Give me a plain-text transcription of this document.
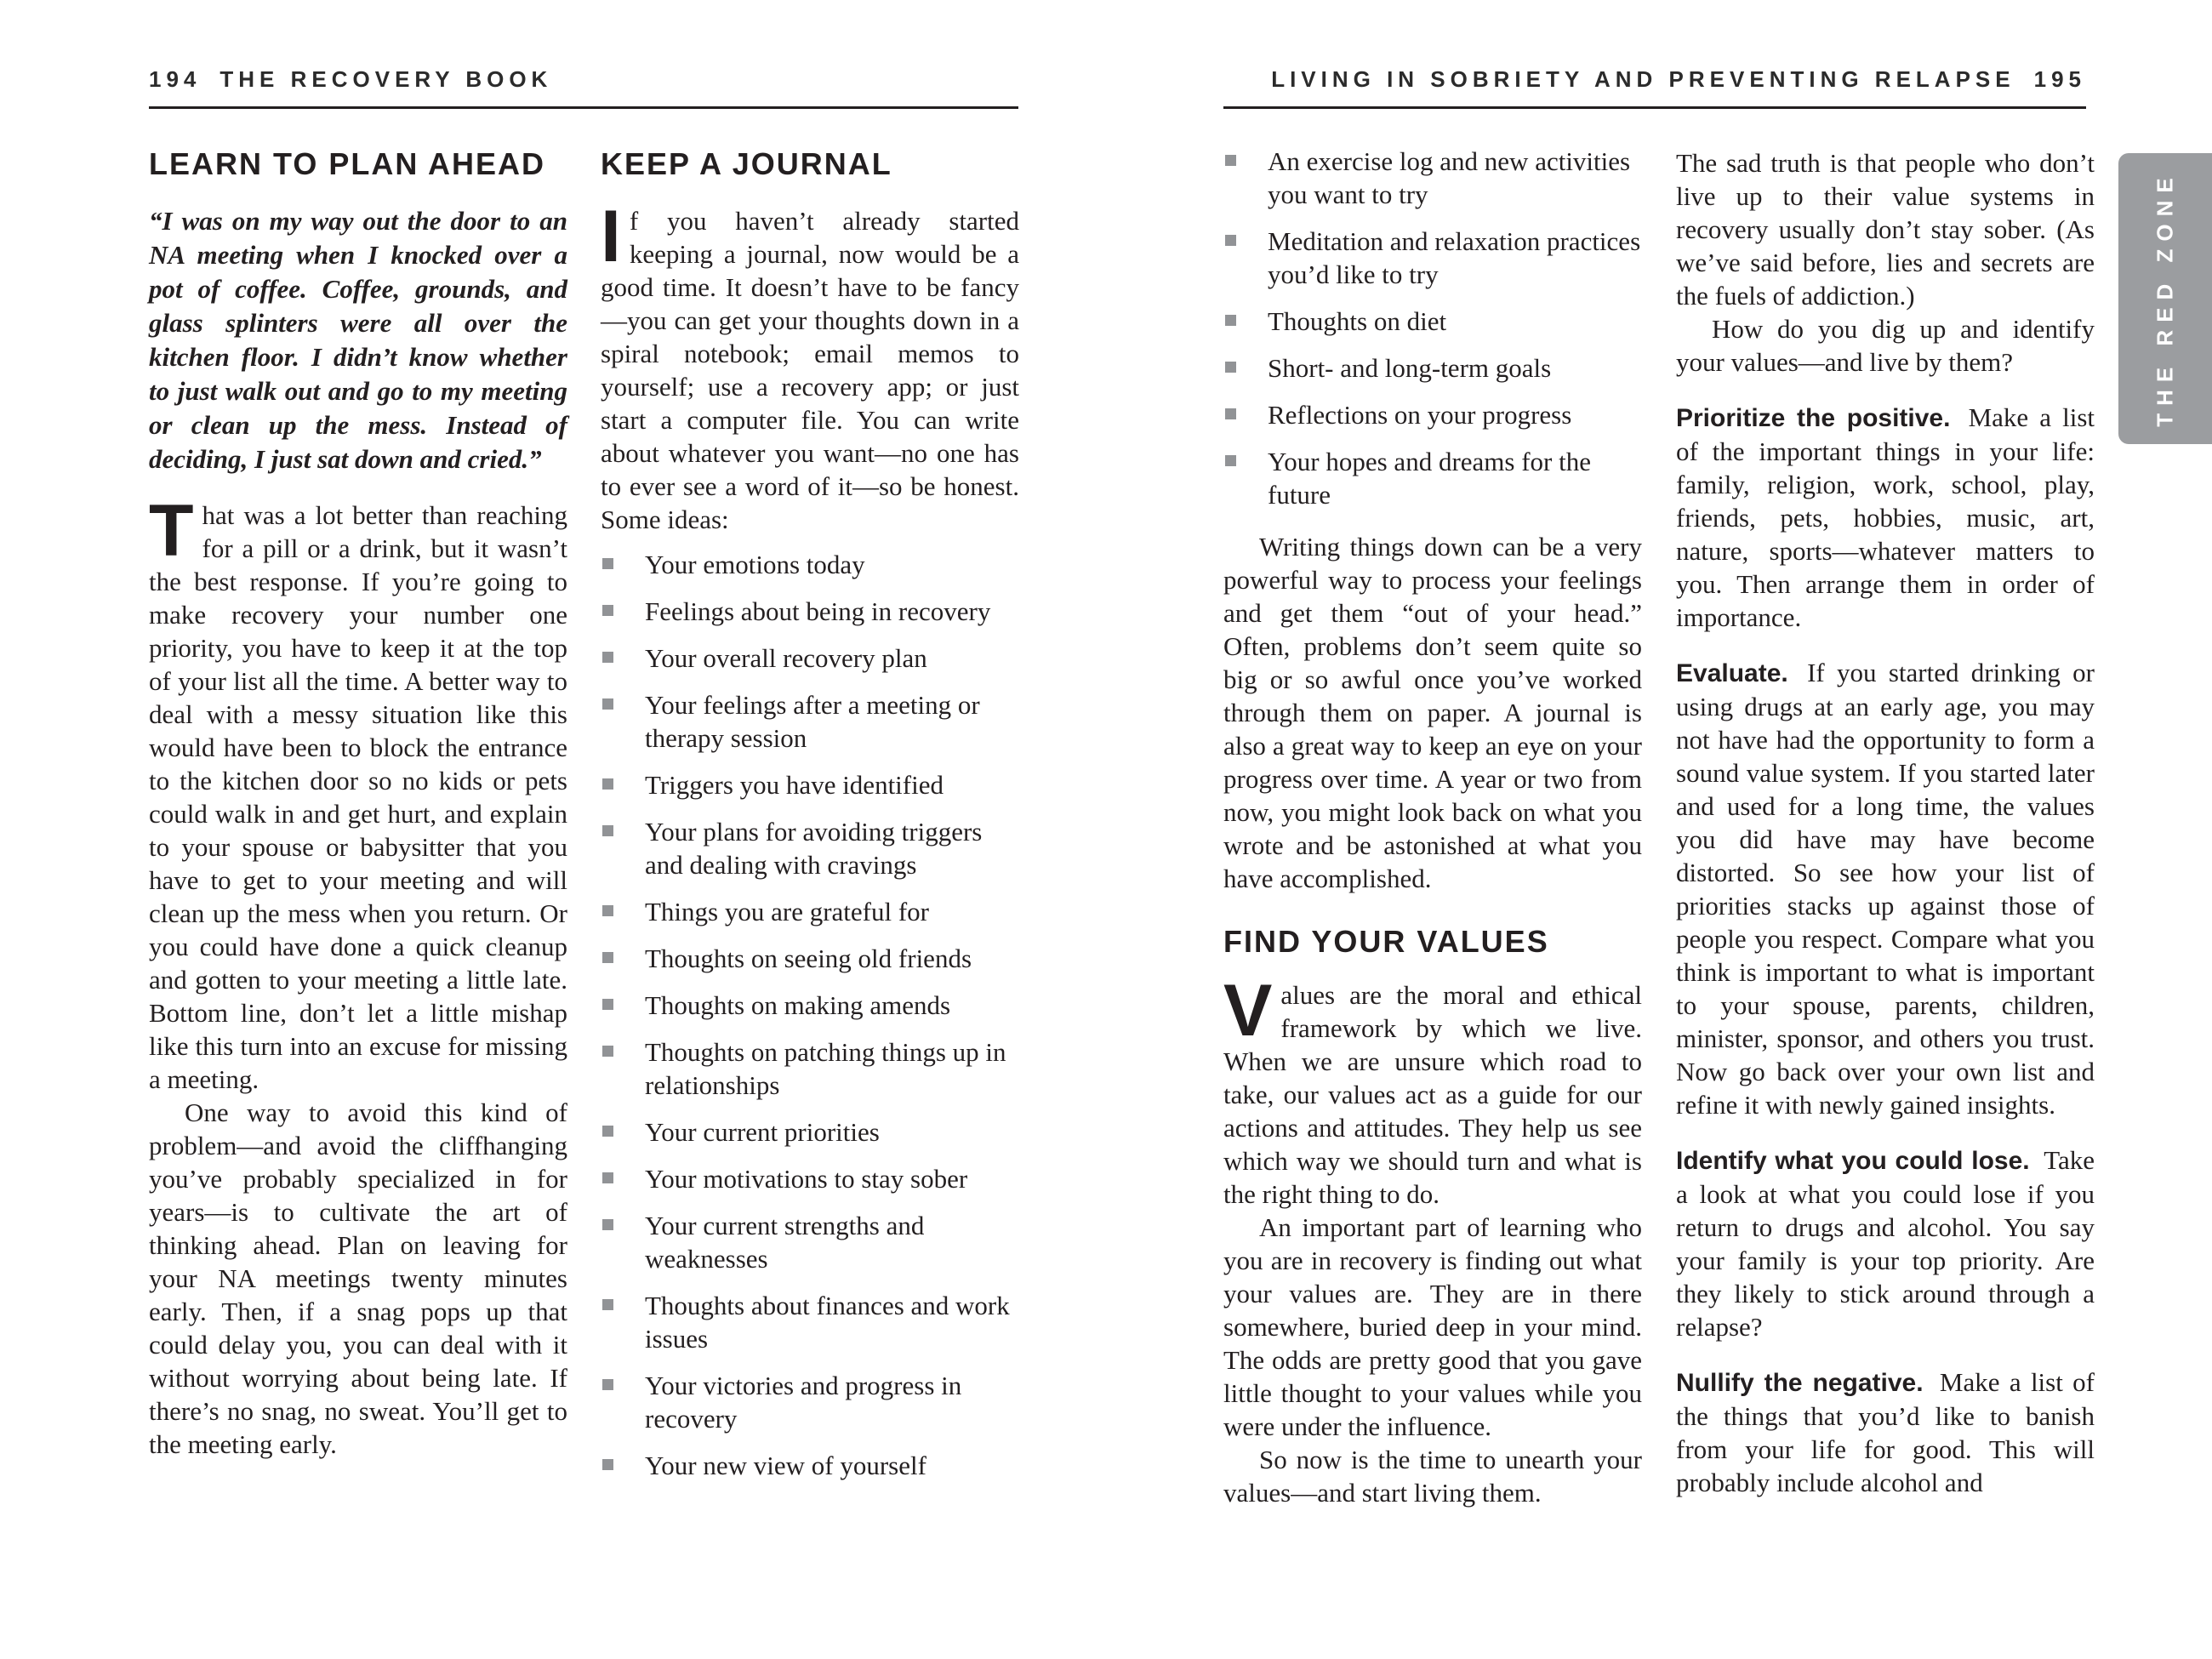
194 THE RECOVERY BOOK	LIVING IN SOBRIETY AND PREVENTING RELAPSE 195
LEARN TO PLAN AHEAD

“I was on my way out the door to an NA meeting when I knocked over a pot of coffee. Coffee, grounds, and glass splinters were all over the kitchen floor. I didn’t know whether to just walk out and go to my meeting or clean up the mess. Instead of deciding, I just sat down and cried.”

That was a lot better than reaching for a pill or a drink, but it wasn’t the best response. If you’re going to make recovery your number one priority, you have to keep it at the top of your list all the time. A better way to deal with a messy situation like this would have been to block the entrance to the kitchen door so no kids or pets could walk in and get hurt, and explain to your spouse or babysitter that you have to get to your meeting and will clean up the mess when you return. Or you could have done a quick cleanup and gotten to your meeting a little late. Bottom line, don’t let a little mishap like this turn into an excuse for missing a meeting.

One way to avoid this kind of problem—and avoid the cliffhanging you’ve probably specialized in for years—is to cultivate the art of thinking ahead. Plan on leaving for your NA meetings twenty minutes early. Then, if a snag pops up that could delay you, you can deal with it without worrying about being late. If there’s no snag, no sweat. You’ll get to the meeting early.

KEEP A JOURNAL

If you haven’t already started keeping a journal, now would be a good time. It doesn’t have to be fancy—you can get your thoughts down in a spiral notebook; email memos to yourself; use a recovery app; or just start a computer file. You can write about whatever you want—no one has to ever see a word of it—so be honest. Some ideas:

Your emotions today
Feelings about being in recovery
Your overall recovery plan
Your feelings after a meeting or therapy session
Triggers you have identified
Your plans for avoiding triggers and dealing with cravings
Things you are grateful for
Thoughts on seeing old friends
Thoughts on making amends
Thoughts on patching things up in relationships
Your current priorities
Your motivations to stay sober
Your current strengths and weaknesses
Thoughts about finances and work issues
Your victories and progress in recovery
Your new view of yourself
An exercise log and new activities you want to try
Meditation and relaxation practices you’d like to try
Thoughts on diet
Short- and long-term goals
Reflections on your progress
Your hopes and dreams for the future

Writing things down can be a very powerful way to process your feelings and get them “out of your head.” Often, problems don’t seem quite so big or so awful once you’ve worked through them on paper. A journal is also a great way to keep an eye on your progress over time. A year or two from now, you might look back on what you wrote and be astonished at what you have accomplished.

FIND YOUR VALUES

Values are the moral and ethical framework by which we live. When we are unsure which road to take, our values act as a guide for our actions and attitudes. They help us see which way we should turn and what is the right thing to do.

An important part of learning who you are in recovery is finding out what your values are. They are in there somewhere, buried deep in your mind. The odds are pretty good that you gave little thought to your values while you were under the influence.

So now is the time to unearth your values—and start living them.

The sad truth is that people who don’t live up to their value systems in recovery usually don’t stay sober. (As we’ve said before, lies and secrets are the fuels of addiction.)

How do you dig up and identify your values—and live by them?

Prioritize the positive. Make a list of the important things in your life: family, religion, work, school, play, friends, pets, hobbies, music, art, nature, sports—whatever matters to you. Then arrange them in order of importance.
Evaluate. If you started drinking or using drugs at an early age, you may not have had the opportunity to form a sound value system. If you started later and used for a long time, the values you did have may have become distorted. So see how your list of priorities stacks up against those of people you respect. Compare what you think is important to what is important to your spouse, parents, children, minister, sponsor, and others you trust. Now go back over your own list and refine it with newly gained insights.
Identify what you could lose. Take a look at what you could lose if you return to drugs and alcohol. You say your family is your top priority. Are they likely to stick around through a relapse?
Nullify the negative. Make a list of the things that you’d like to banish from your life for good. This will probably include alcohol and
THE RED ZONE
